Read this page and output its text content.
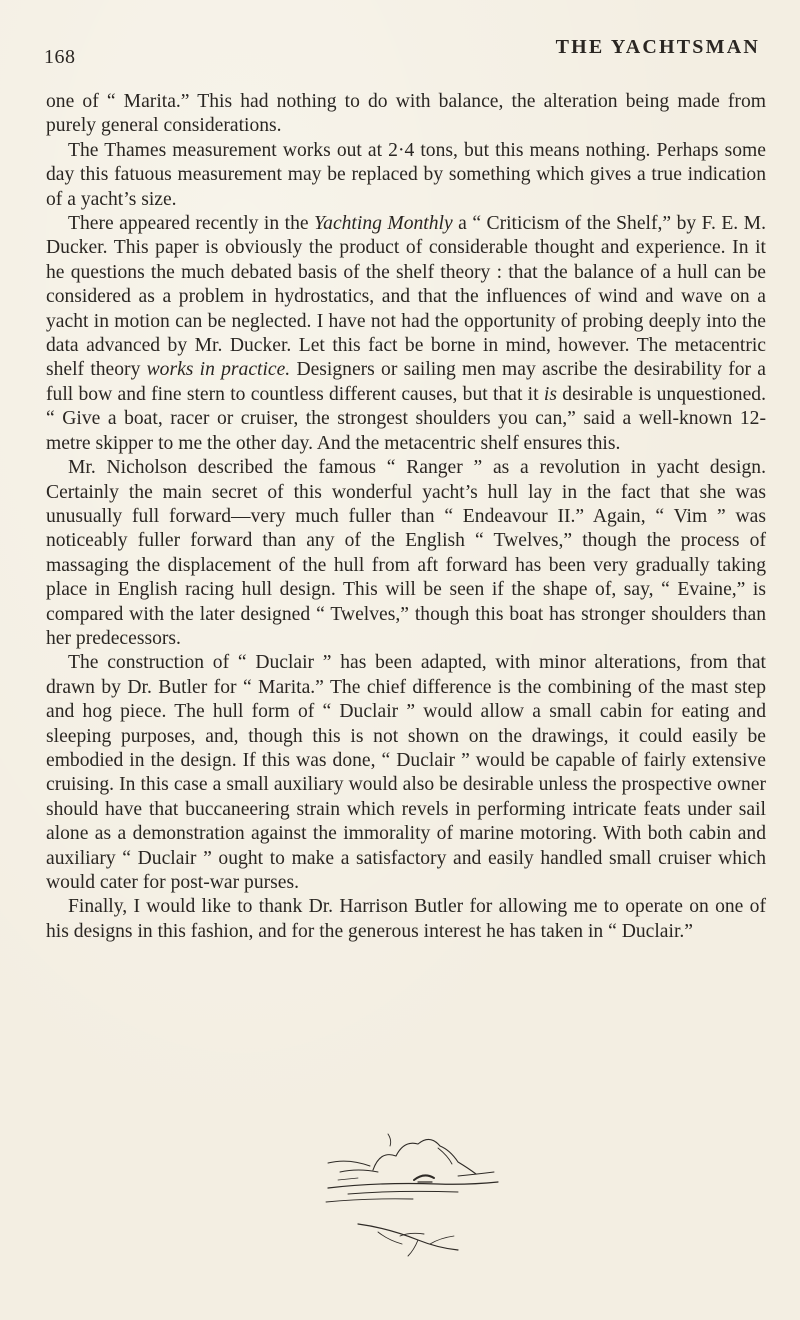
168	THE YACHTSMAN

one of “ Marita.” This had nothing to do with balance, the alteration being made from purely general considerations.

The Thames measurement works out at 2·4 tons, but this means nothing. Perhaps some day this fatuous measurement may be replaced by something which gives a true indication of a yacht’s size.

There appeared recently in the Yachting Monthly a “ Criticism of the Shelf,” by F. E. M. Ducker. This paper is obviously the product of considerable thought and experience. In it he questions the much debated basis of the shelf theory : that the balance of a hull can be considered as a problem in hydrostatics, and that the influences of wind and wave on a yacht in motion can be neglected. I have not had the opportunity of probing deeply into the data advanced by Mr. Ducker. Let this fact be borne in mind, however. The metacentric shelf theory works in practice. Designers or sailing men may ascribe the desirability for a full bow and fine stern to countless different causes, but that it is desirable is unquestioned. “ Give a boat, racer or cruiser, the strongest shoulders you can,” said a well-known 12-metre skipper to me the other day. And the metacentric shelf ensures this.

Mr. Nicholson described the famous “ Ranger ” as a revolution in yacht design. Certainly the main secret of this wonderful yacht’s hull lay in the fact that she was unusually full forward—very much fuller than “ Endeavour II.” Again, “ Vim ” was noticeably fuller forward than any of the English “ Twelves,” though the process of massaging the displacement of the hull from aft forward has been very gradually taking place in English racing hull design. This will be seen if the shape of, say, “ Evaine,” is compared with the later designed “ Twelves,” though this boat has stronger shoulders than her predecessors.

The construction of “ Duclair ” has been adapted, with minor alterations, from that drawn by Dr. Butler for “ Marita.” The chief difference is the combining of the mast step and hog piece. The hull form of “ Duclair ” would allow a small cabin for eating and sleeping purposes, and, though this is not shown on the drawings, it could easily be embodied in the design. If this was done, “ Duclair ” would be capable of fairly extensive cruising. In this case a small auxiliary would also be desirable unless the prospective owner should have that buccaneering strain which revels in performing intricate feats under sail alone as a demonstration against the immorality of marine motoring. With both cabin and auxiliary “ Duclair ” ought to make a satisfactory and easily handled small cruiser which would cater for post-war purses.

Finally, I would like to thank Dr. Harrison Butler for allowing me to operate on one of his designs in this fashion, and for the generous interest he has taken in “ Duclair.”
